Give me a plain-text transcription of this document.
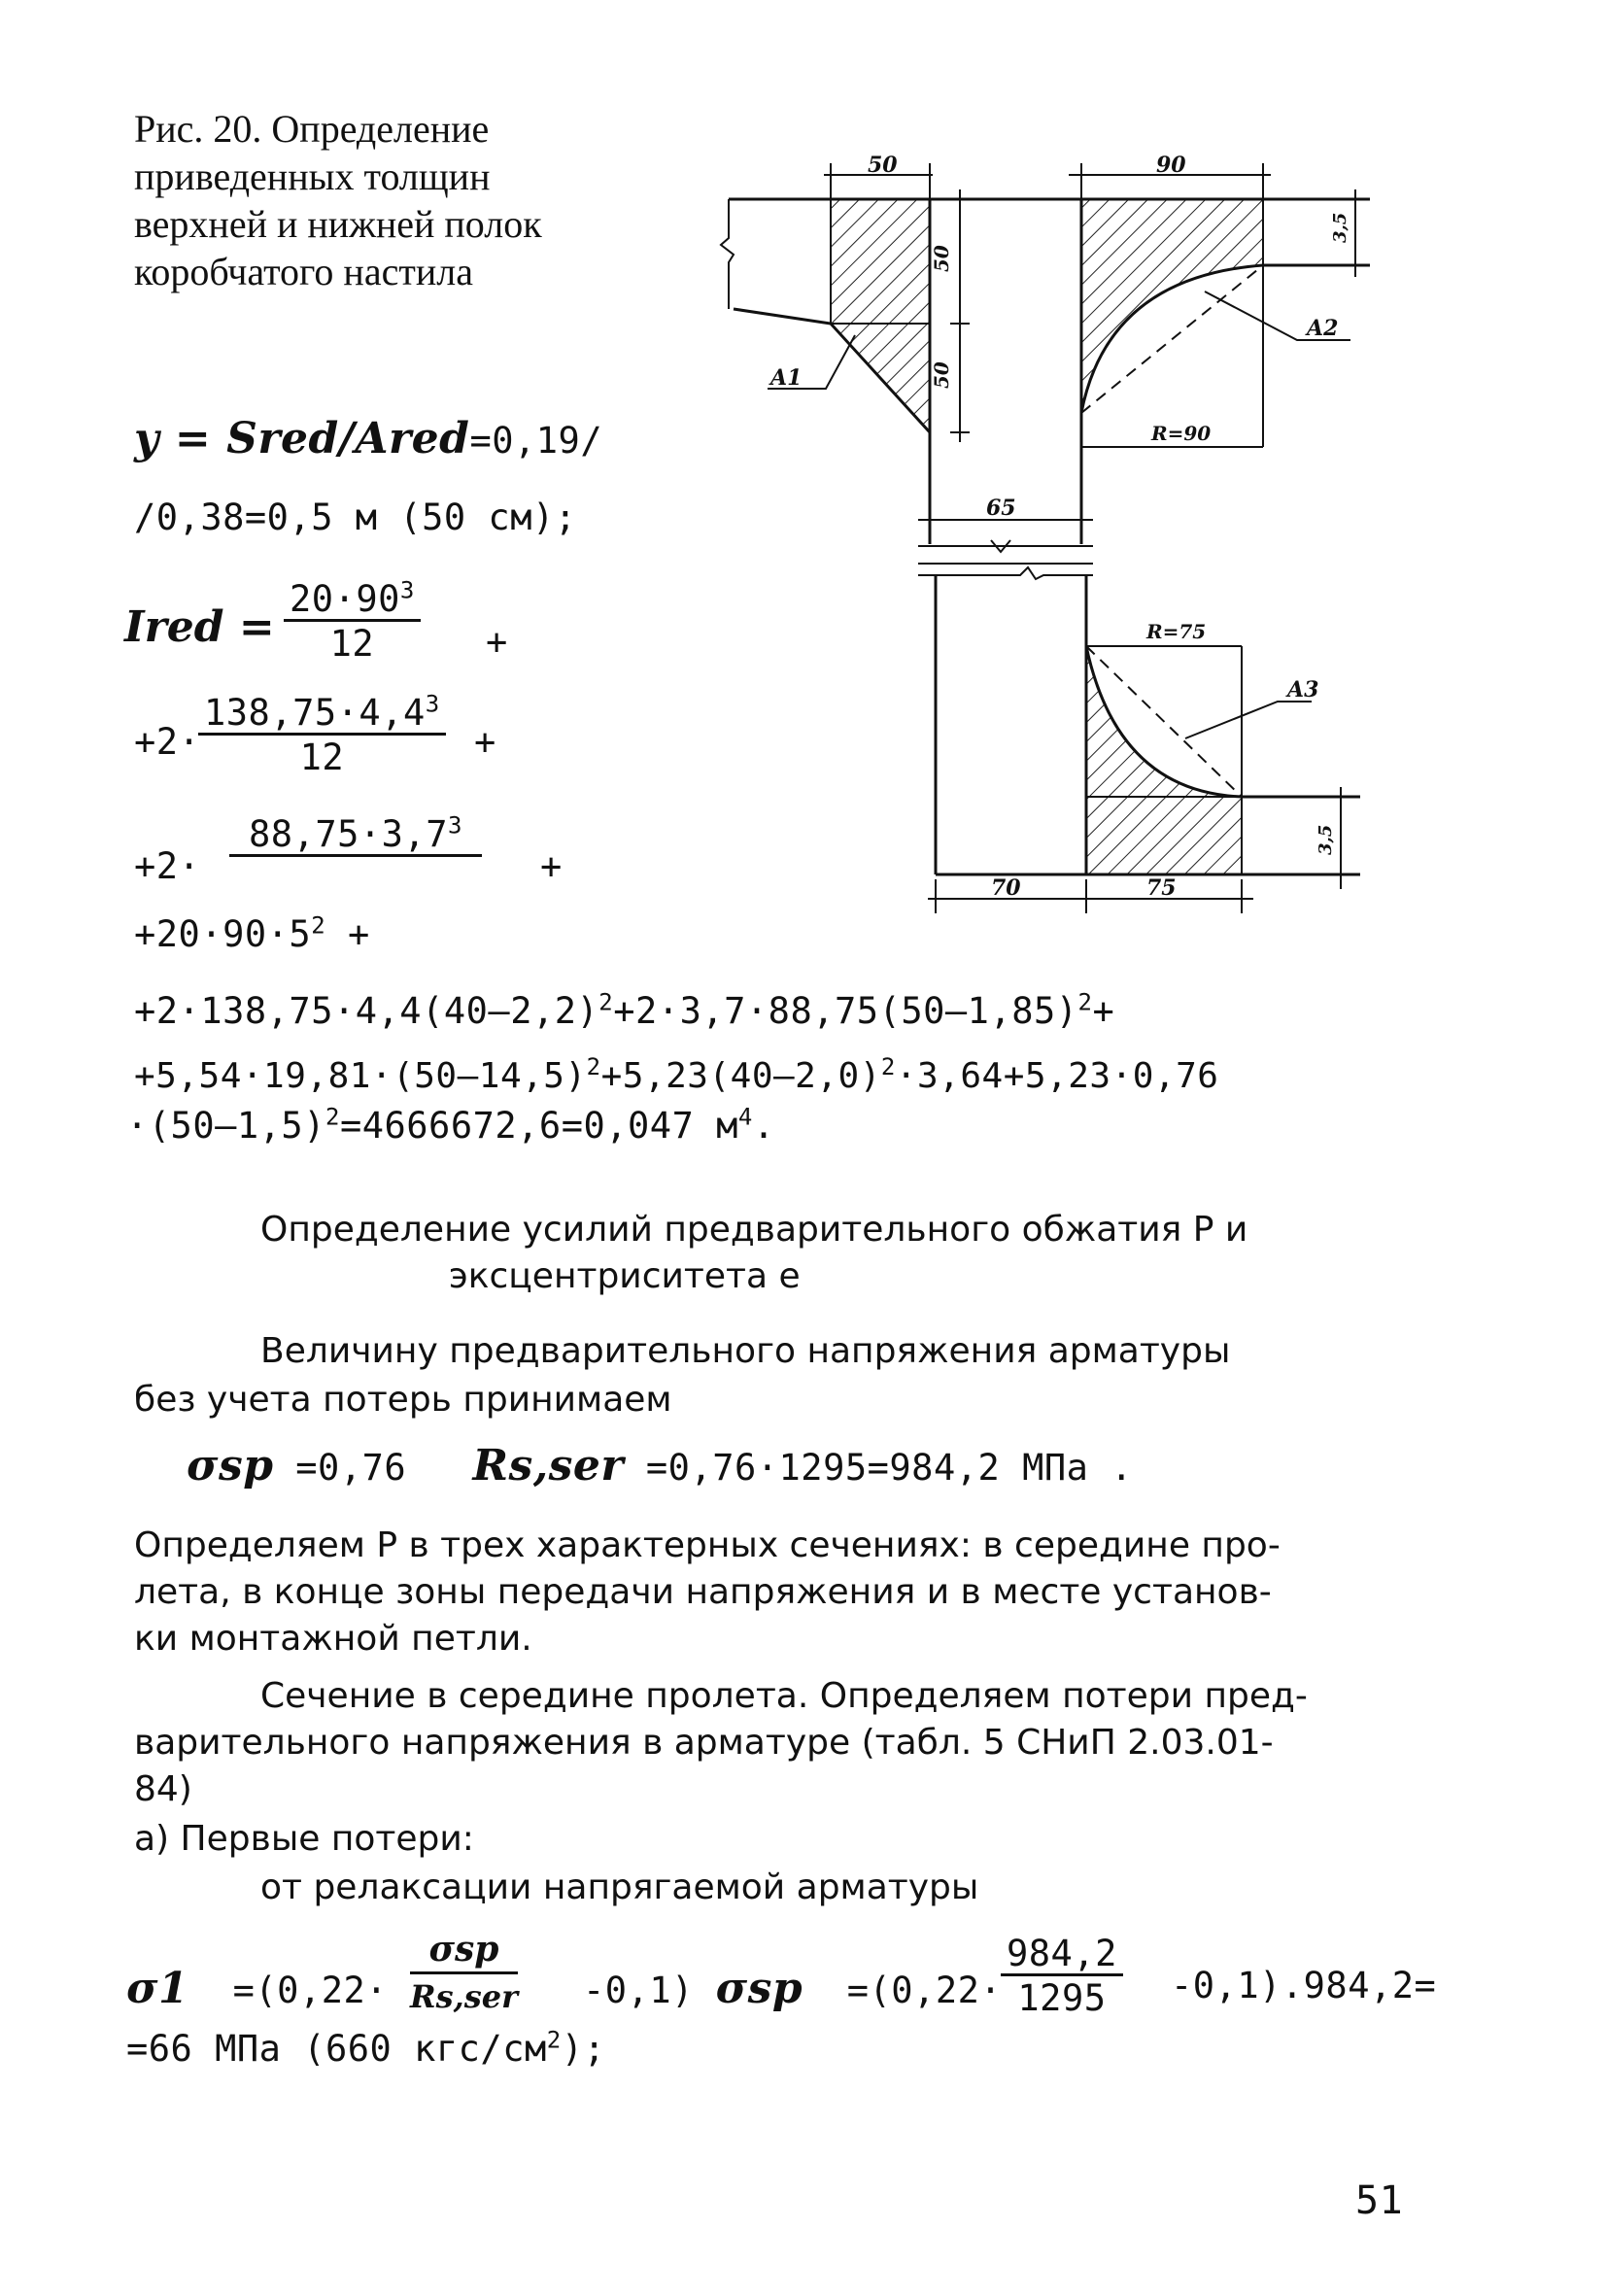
Рис. 20. Определение
приведенных толщин
верхней и нижней полок
коробчатого настила
50	90
50
50
3,5
A2
A1
R=90
65
R=75
A3
70	75
3,5
y = Sred/Ared=0,19/
/0,38=0,5 м (50 см);
Ired = $\frac{20\cdot 90^3}{12}$ +
+2·
$\frac{138,75\cdot 4,4^3}{12}$ +
+2·
$88,75\cdot 3,7^3$
+
$+20\cdot 90\cdot 5^2$ +
$+2\cdot 138,75\cdot 4,4(40-2,2)^2+2\cdot 3,7\cdot 88,75(50-1,85)^2+$
$+5,54\cdot 19,81\cdot(50-14,5)^2+5,23(40-2,0)^2\cdot 3,64+5,23\cdot 0,76$
$\cdot(50-1,5)^2=4666672,6=0,047$ $м^4$.
Определение усилий предварительного обжатия P и
эксцентриситета e
Величину предварительного напряжения арматуры
без учета потерь принимаем
σsp =0,76 Rs,ser =0,76·1295=984,2 МПа .
Определяем P в трех характерных сечениях: в середине про-
лета, в конце зоны передачи напряжения и в месте установ-
ки монтажной петли.
Сечение в середине пролета. Определяем потери пред-
варительного напряжения в арматуре (табл. 5 СНиП 2.03.01-
84)
а) Первые потери:
от релаксации напрягаемой арматуры
σ1 =(0,22·
σsp
Rs,ser -0,1) σsp =(0,22·
$\frac{984,2}{1295} -0,1).984,2=$
=66 МПа (660 кгс/$см^2$);
51
